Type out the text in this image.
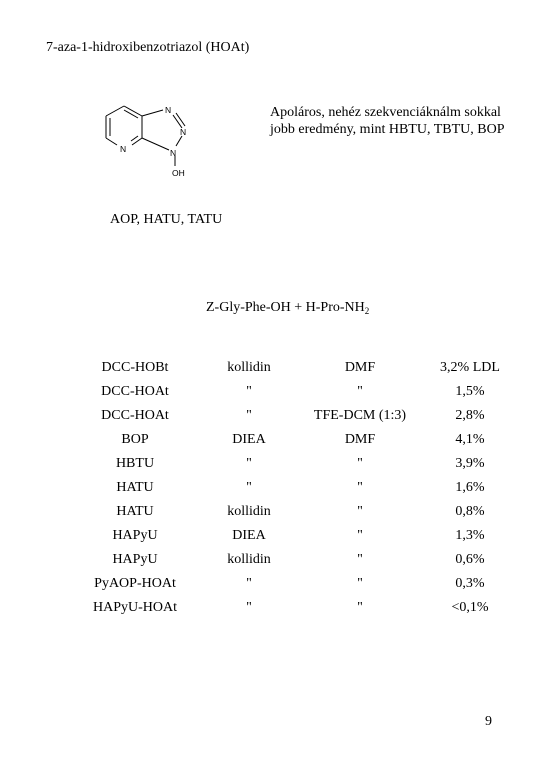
7-aza-1-hidroxibenzotriazol (HOAt)
N
N
N
N
OH
Apoláros, nehéz szekvenciáknálm sokkal
jobb eredmény, mint HBTU, TBTU, BOP
AOP, HATU, TATU
$Z-Gly-Phe-OH + H-Pro-NH_2$
DCC-HOBt	kollidin	DMF	3,2% LDL
DCC-HOAt	"	"	1,5%
DCC-HOAt	"	TFE-DCM (1:3)	2,8%
BOP	DIEA	DMF	4,1%
HBTU	"	"	3,9%
HATU	"	"	1,6%
HATU	kollidin	"	0,8%
HAPyU	DIEA	"	1,3%
HAPyU	kollidin	"	0,6%
PyAOP-HOAt	"	"	0,3%
HAPyU-HOAt	"	"	<0,1%
9
